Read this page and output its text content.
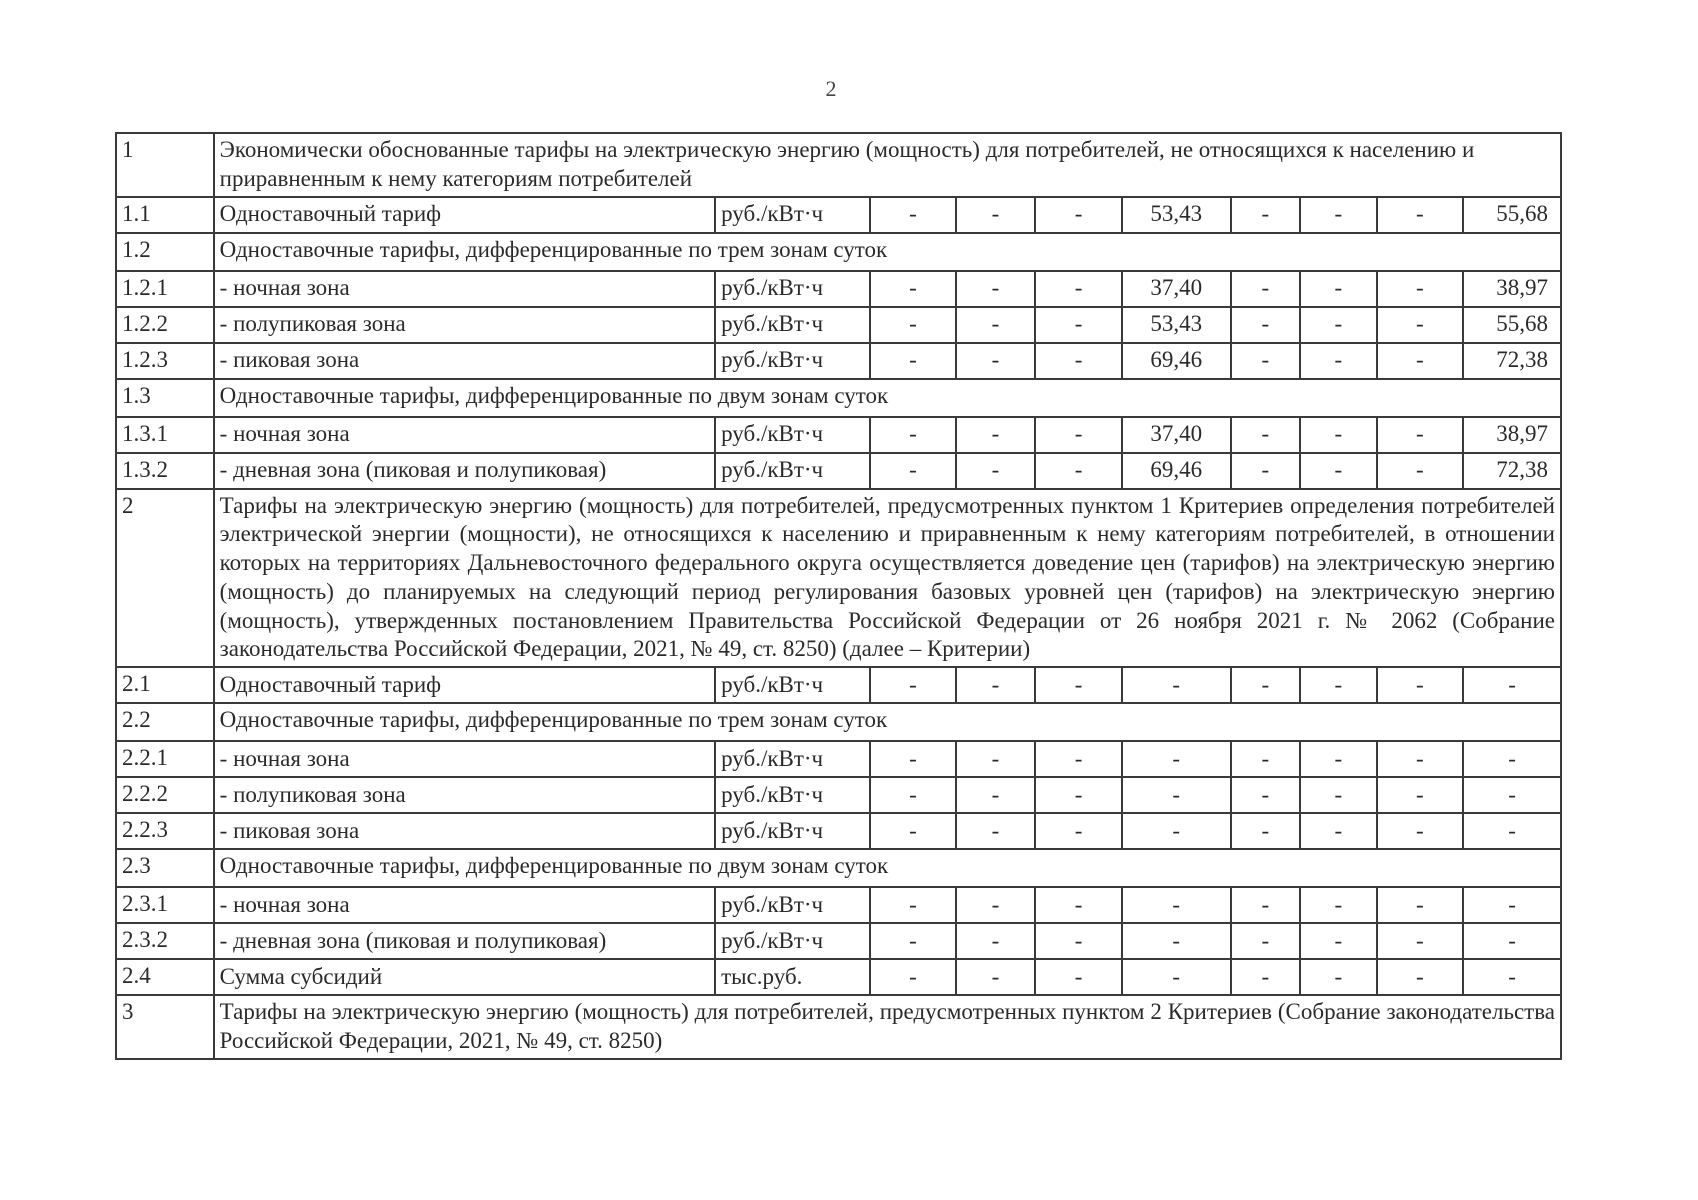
2
1	Экономически обоснованные тарифы на электрическую энергию (мощность) для потребителей, не относящихся к населению и приравненным к нему категориям потребителей									
1.1	Одноставочный тариф	руб./кВт·ч	-	-	-	53,43	-	-	-	55,68
1.2	Одноставочные тарифы, дифференцированные по трем зонам суток									
1.2.1	- ночная зона	руб./кВт·ч	-	-	-	37,40	-	-	-	38,97
1.2.2	- полупиковая зона	руб./кВт·ч	-	-	-	53,43	-	-	-	55,68
1.2.3	- пиковая зона	руб./кВт·ч	-	-	-	69,46	-	-	-	72,38
1.3	Одноставочные тарифы, дифференцированные по двум зонам суток									
1.3.1	- ночная зона	руб./кВт·ч	-	-	-	37,40	-	-	-	38,97
1.3.2	- дневная зона (пиковая и полупиковая)	руб./кВт·ч	-	-	-	69,46	-	-	-	72,38
2	Тарифы на электрическую энергию (мощность) для потребителей, предусмотренных пунктом 1 Критериев определения потребителей электрической энергии (мощности), не относящихся к населению и приравненным к нему категориям потребителей, в отношении которых на территориях Дальневосточного федерального округа осуществляется доведение цен (тарифов) на электрическую энергию (мощность) до планируемых на следующий период регулирования базовых уровней цен (тарифов) на электрическую энергию (мощность), утвержденных постановлением Правительства Российской Федерации от 26 ноября 2021 г. № 2062 (Собрание законодательства Российской Федерации, 2021, № 49, ст. 8250) (далее – Критерии)									
2.1	Одноставочный тариф	руб./кВт·ч	-	-	-	-	-	-	-	-
2.2	Одноставочные тарифы, дифференцированные по трем зонам суток									
2.2.1	- ночная зона	руб./кВт·ч	-	-	-	-	-	-	-	-
2.2.2	- полупиковая зона	руб./кВт·ч	-	-	-	-	-	-	-	-
2.2.3	- пиковая зона	руб./кВт·ч	-	-	-	-	-	-	-	-
2.3	Одноставочные тарифы, дифференцированные по двум зонам суток									
2.3.1	- ночная зона	руб./кВт·ч	-	-	-	-	-	-	-	-
2.3.2	- дневная зона (пиковая и полупиковая)	руб./кВт·ч	-	-	-	-	-	-	-	-
2.4	Сумма субсидий	тыс.руб.	-	-	-	-	-	-	-	-
3	Тарифы на электрическую энергию (мощность) для потребителей, предусмотренных пунктом 2 Критериев (Собрание законодательства Российской Федерации, 2021, № 49, ст. 8250)									
